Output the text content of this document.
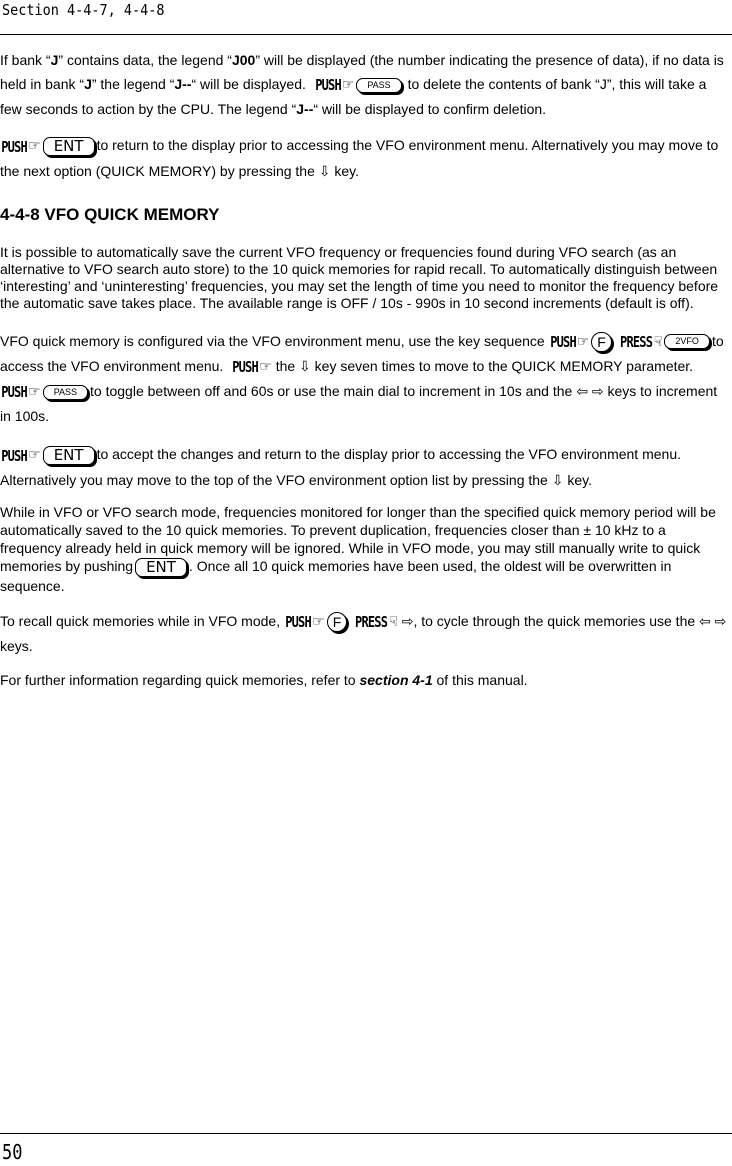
Section 4-4-7, 4-4-8

If bank “J” contains data, the legend “J00” will be displayed (the number indicating the presence of data), if no data is held in bank “J” the legend “J--“ will be displayed. PUSH☞ PASS to delete the contents of bank “J”, this will take a few seconds to action by the CPU. The legend “J--“ will be displayed to confirm deletion.

PUSH☞ ENT to return to the display prior to accessing the VFO environment menu. Alternatively you may move to the next option (QUICK MEMORY) by pressing the ⇩ key.

4-4-8 VFO QUICK MEMORY

It is possible to automatically save the current VFO frequency or frequencies found during VFO search (as an alternative to VFO search auto store) to the 10 quick memories for rapid recall. To automatically distinguish between ‘interesting’ and ‘uninteresting’ frequencies, you may set the length of time you need to monitor the frequency before the automatic save takes place. The available range is OFF / 10s - 990s in 10 second increments (default is off).

VFO quick memory is configured via the VFO environment menu, use the key sequence PUSH☞ F PRESS ☟ 2VFO to access the VFO environment menu. PUSH☞ the ⇩ key seven times to move to the QUICK MEMORY parameter.  PUSH☞ PASS to toggle between off and 60s or use the main dial to increment in 10s and the ⇦ ⇨ keys to increment in 100s.

PUSH☞ ENT to accept the changes and return to the display prior to accessing the VFO environment menu. Alternatively you may move to the top of the VFO environment option list by pressing the ⇩ key.

While in VFO or VFO search mode, frequencies monitored for longer than the specified quick memory period will be automatically saved to the 10 quick memories. To prevent duplication, frequencies closer than ± 10 kHz to a frequency already held in quick memory will be ignored. While in VFO mode, you may still manually write to quick memories by pushing ENT . Once all 10 quick memories have been used, the oldest will be overwritten in sequence.

To recall quick memories while in VFO mode, PUSH☞ F PRESS ☟ ⇨, to cycle through the quick memories use the ⇦ ⇨ keys.

For further information regarding quick memories, refer to section 4-1 of this manual.

50
